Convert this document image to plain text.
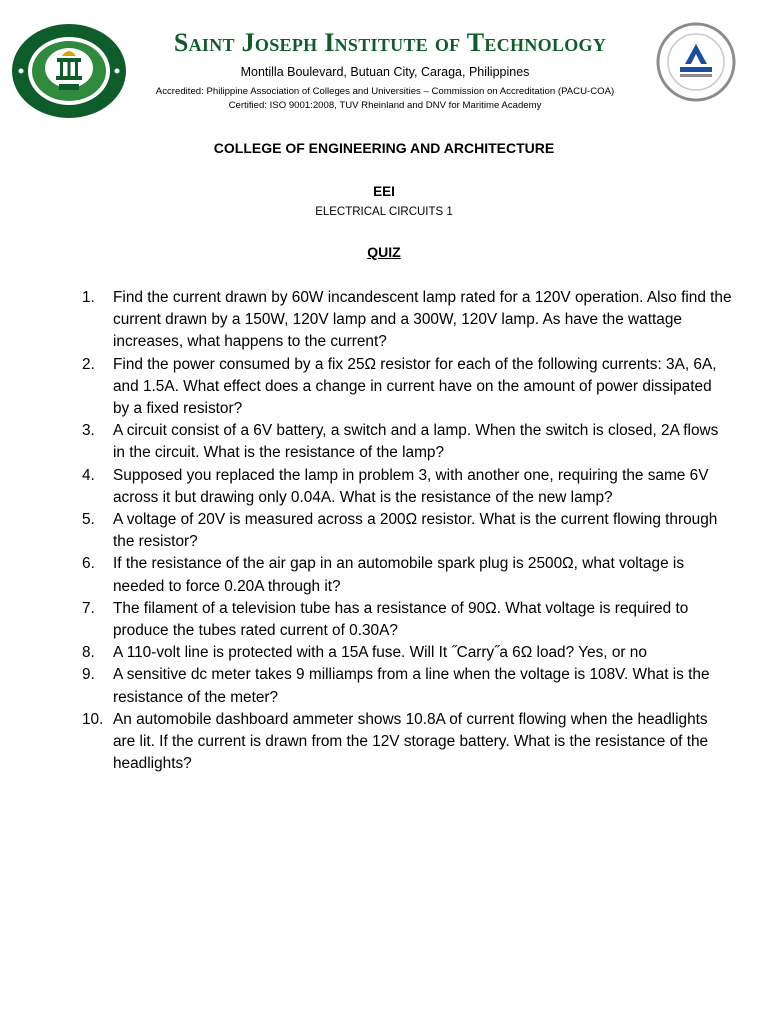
Saint Joseph Institute of Technology
Montilla Boulevard, Butuan City, Caraga, Philippines
Accredited: Philippine Association of Colleges and Universities – Commission on Accreditation (PACU-COA)
Certified: ISO 9001:2008, TUV Rheinland and DNV for Maritime Academy
COLLEGE OF ENGINEERING AND ARCHITECTURE
EEI
ELECTRICAL CIRCUITS 1
QUIZ
1.	Find the current drawn by 60W incandescent lamp rated for a 120V operation. Also find the current drawn by a 150W, 120V lamp and a 300W, 120V lamp. As have the wattage increases, what happens to the current?
2.	Find the power consumed by a fix 25Ω resistor for each of the following currents: 3A, 6A, and 1.5A. What effect does a change in current have on the amount of power dissipated by a fixed resistor?
3.	A circuit consist of a 6V battery, a switch and a lamp. When the switch is closed, 2A flows in the circuit. What is the resistance of the lamp?
4.	Supposed you replaced the lamp in problem 3, with another one, requiring the same 6V across it but drawing only 0.04A. What is the resistance of the new lamp?
5.	A voltage of 20V is measured across a 200Ω resistor. What is the current flowing through the resistor?
6.	If the resistance of the air gap in an automobile spark plug is 2500Ω, what voltage is needed to force 0.20A through it?
7.	The filament of a television tube has a resistance of 90Ω. What voltage is required to produce the tubes rated current of 0.30A?
8.	A 110-volt line is protected with a 15A fuse. Will It ˝Carry˝a 6Ω load? Yes, or no
9.	A sensitive dc meter takes 9 milliamps from a line when the voltage is 108V. What is the resistance of the meter?
10. An automobile dashboard ammeter shows 10.8A of current flowing when the headlights are lit. If the current is drawn from the 12V storage battery. What is the resistance of the headlights?
